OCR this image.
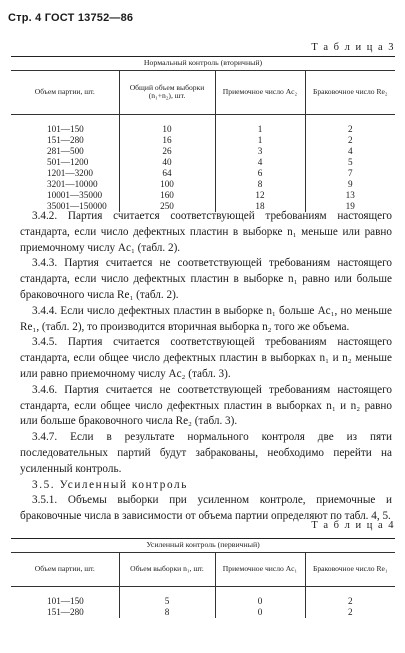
Стр. 4 ГОСТ 13752—86
Т а б л и ц а 3
Нормальный контроль (вторичный)			
Объем партии, шт.	Общий объем выборки (n₁+n₂), шт.	Приемочное число Ac₂	Браковочное число Re₂

101—150	10	1	2
151—280	16	1	2
281—500	26	3	4
501—1200	40	4	5
1201—3200	64	6	7
3201—10000	100	8	9
10001—35000	160	12	13
35001—150000	250	18	19

3.4.2. Партия считается соответствующей требованиям настоящего стандарта, если число дефектных пластин в выборке n₁ меньше или равно приемочному числу Ac₁ (табл. 2).

3.4.3. Партия считается не соответствующей требованиям настоящего стандарта, если число дефектных пластин в выборке n₁ равно или больше браковочного числа Re₁ (табл. 2).

3.4.4. Если число дефектных пластин в выборке n₁ больше Ac₁, но меньше Re₁, (табл. 2), то производится вторичная выборка n₂ того же объема.

3.4.5. Партия считается соответствующей требованиям настоящего стандарта, если общее число дефектных пластин в выборках n₁ и n₂ меньше или равно приемочному числу Ac₂ (табл. 3).

3.4.6. Партия считается не соответствующей требованиям настоящего стандарта, если общее число дефектных пластин в выборках n₁ и n₂ равно или больше браковочного числа Re₂ (табл. 3).

3.4.7. Если в результате нормального контроля две из пяти последовательных партий будут забракованы, необходимо перейти на усиленный контроль.

3.5. Усиленный контроль

3.5.1. Объемы выборки при усиленном контроле, приемочные и браковочные числа в зависимости от объема партии определяют по табл. 4, 5.

Т а б л и ц а 4
Усиленный контроль (первичный)			
Объем партии, шт.	Объем выборки n₁, шт.	Приемочное число Ac₁	Браковочное число Re₁

101—150	5	0	2
151—280	8	0	2
